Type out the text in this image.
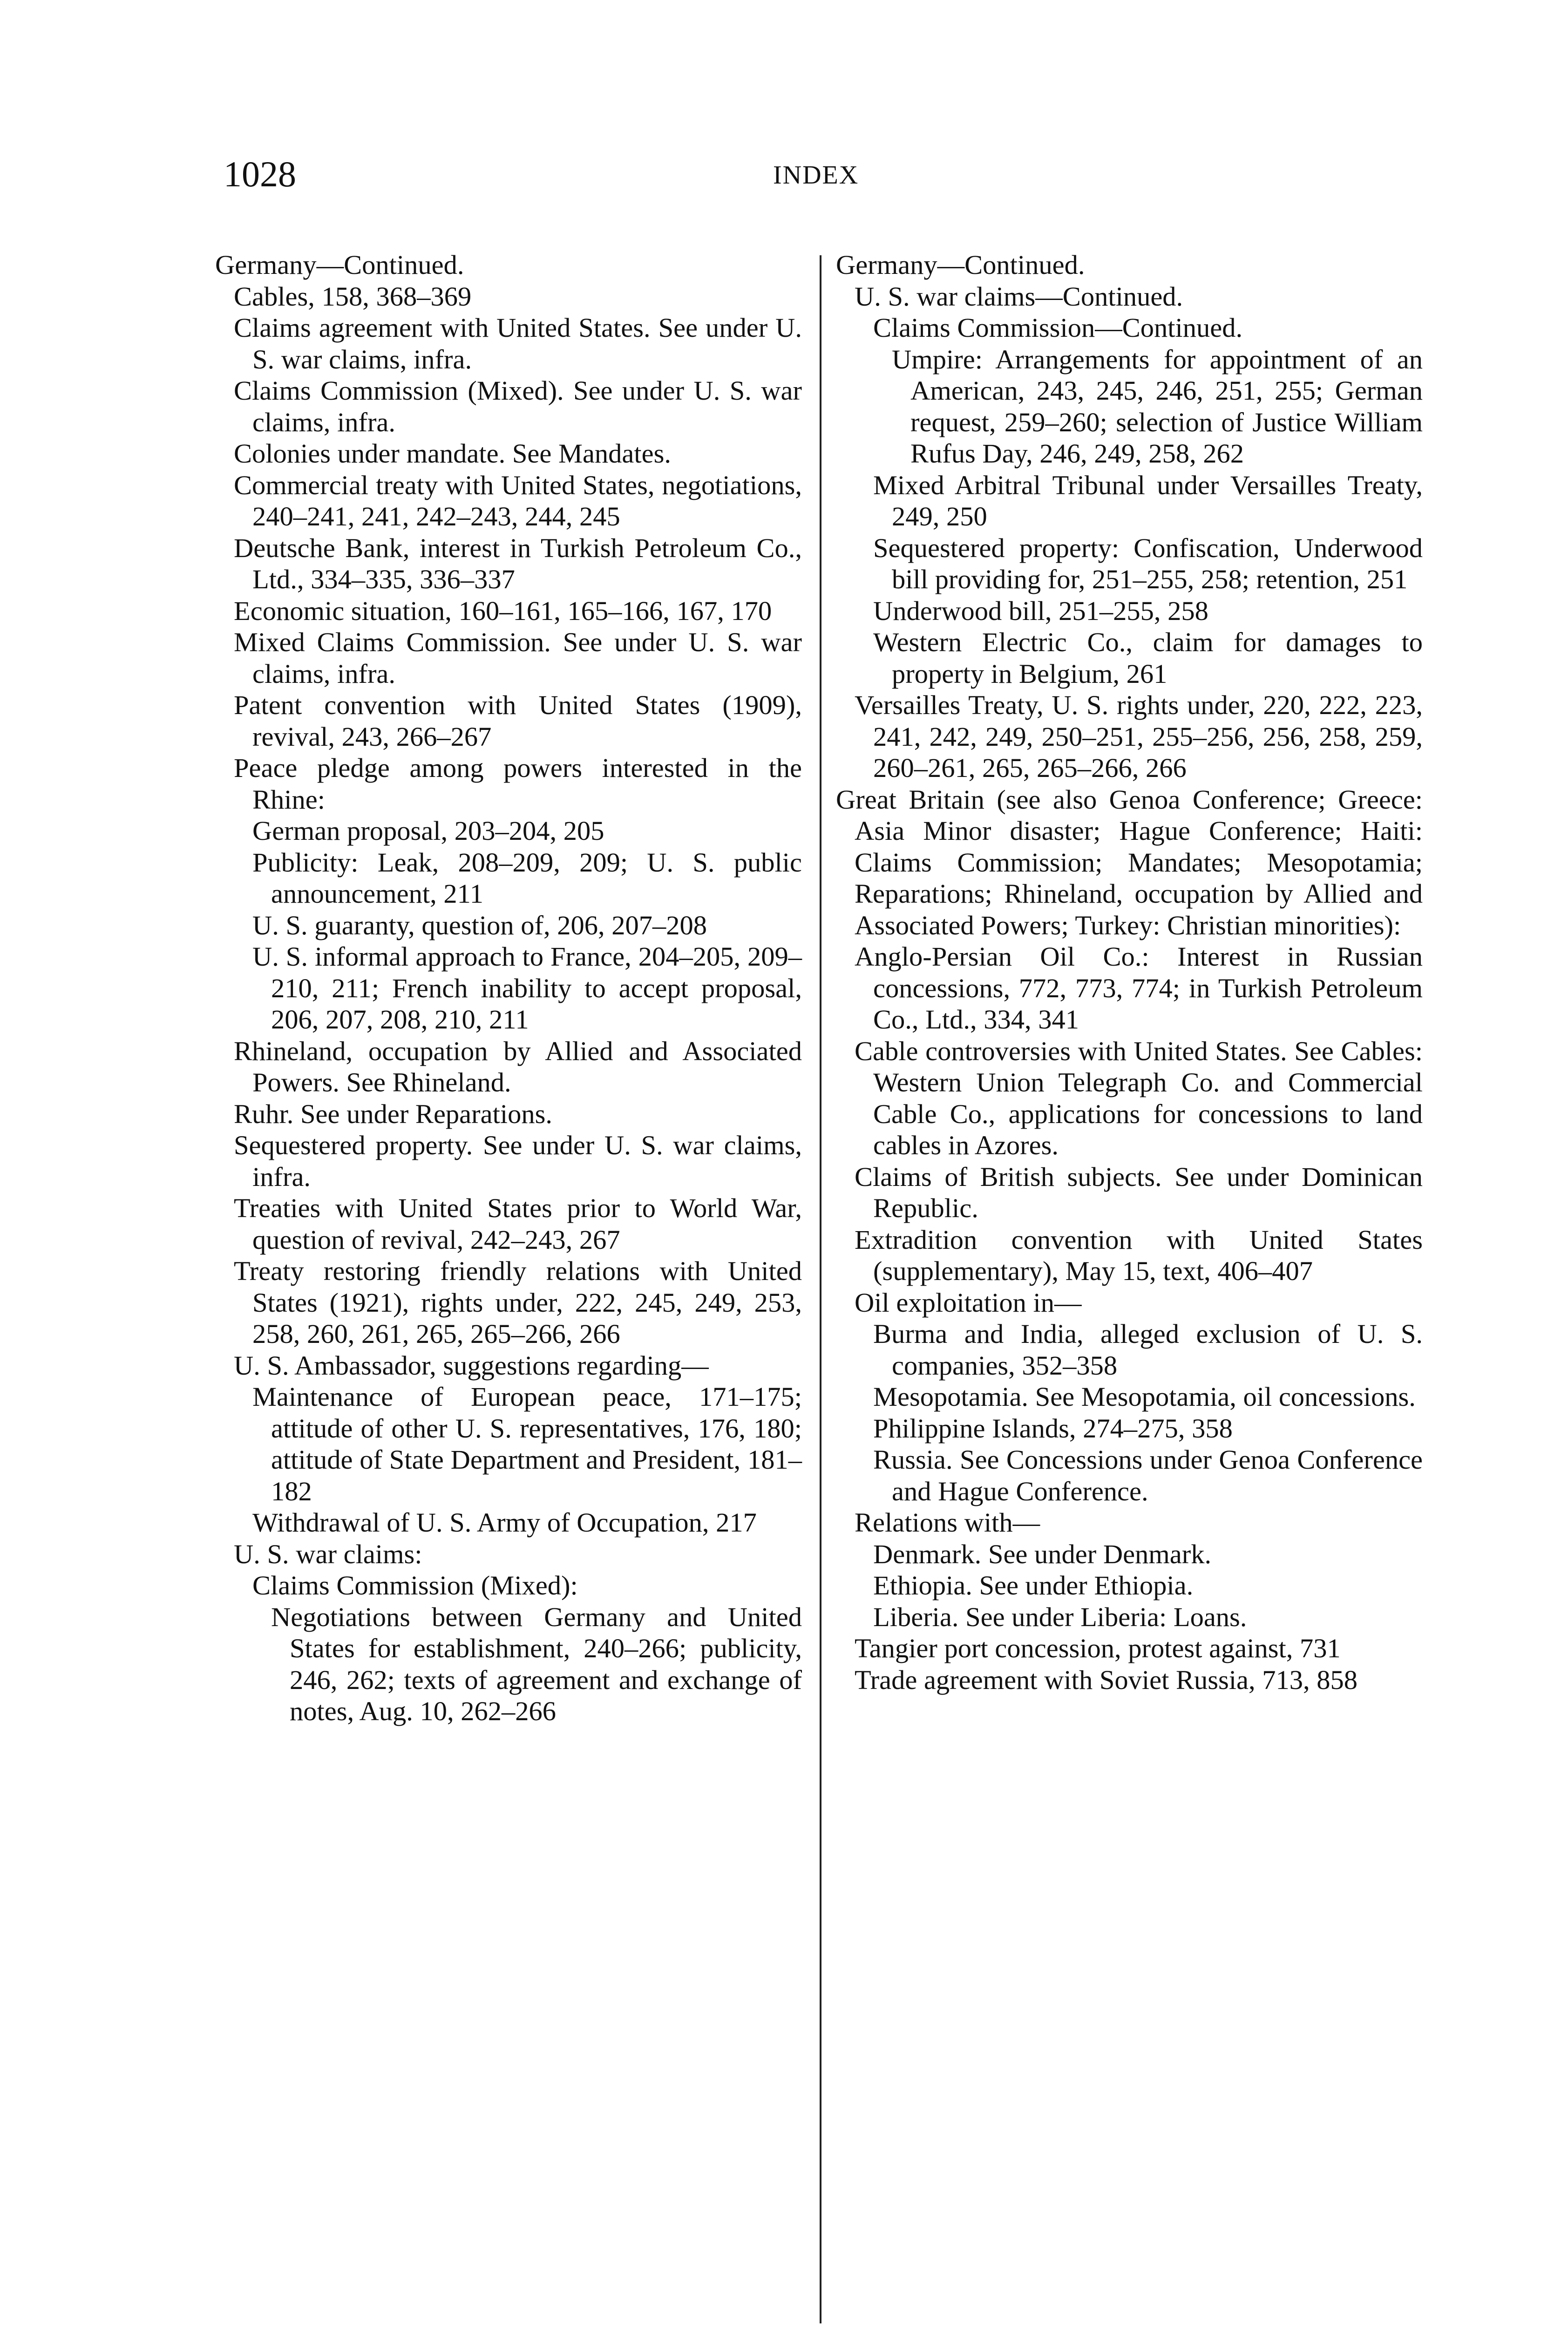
1028	INDEX
Germany—Continued.
Cables, 158, 368–369
Claims agreement with United States. See under U. S. war claims, infra.
Claims Commission (Mixed). See under U. S. war claims, infra.
Colonies under mandate. See Mandates.
Commercial treaty with United States, negotiations, 240–241, 241, 242–243, 244, 245
Deutsche Bank, interest in Turkish Petroleum Co., Ltd., 334–335, 336–337
Economic situation, 160–161, 165–166, 167, 170
Mixed Claims Commission. See under U. S. war claims, infra.
Patent convention with United States (1909), revival, 243, 266–267
Peace pledge among powers interested in the Rhine:
German proposal, 203–204, 205
Publicity: Leak, 208–209, 209; U. S. public announcement, 211
U. S. guaranty, question of, 206, 207–208
U. S. informal approach to France, 204–205, 209–210, 211; French inability to accept proposal, 206, 207, 208, 210, 211
Rhineland, occupation by Allied and Associated Powers. See Rhineland.
Ruhr. See under Reparations.
Sequestered property. See under U. S. war claims, infra.
Treaties with United States prior to World War, question of revival, 242–243, 267
Treaty restoring friendly relations with United States (1921), rights under, 222, 245, 249, 253, 258, 260, 261, 265, 265–266, 266
U. S. Ambassador, suggestions regarding—
Maintenance of European peace, 171–175; attitude of other U. S. representatives, 176, 180; attitude of State Department and President, 181–182
Withdrawal of U. S. Army of Occupation, 217
U. S. war claims:
Claims Commission (Mixed):
Negotiations between Germany and United States for establishment, 240–266; publicity, 246, 262; texts of agreement and exchange of notes, Aug. 10, 262–266
Germany—Continued.
U. S. war claims—Continued.
Claims Commission—Continued.
Umpire: Arrangements for appointment of an American, 243, 245, 246, 251, 255; German request, 259–260; selection of Justice William Rufus Day, 246, 249, 258, 262
Mixed Arbitral Tribunal under Versailles Treaty, 249, 250
Sequestered property: Confiscation, Underwood bill providing for, 251–255, 258; retention, 251
Underwood bill, 251–255, 258
Western Electric Co., claim for damages to property in Belgium, 261
Versailles Treaty, U. S. rights under, 220, 222, 223, 241, 242, 249, 250–251, 255–256, 256, 258, 259, 260–261, 265, 265–266, 266
Great Britain (see also Genoa Conference; Greece: Asia Minor disaster; Hague Conference; Haiti: Claims Commission; Mandates; Mesopotamia; Reparations; Rhineland, occupation by Allied and Associated Powers; Turkey: Christian minorities):
Anglo-Persian Oil Co.: Interest in Russian concessions, 772, 773, 774; in Turkish Petroleum Co., Ltd., 334, 341
Cable controversies with United States. See Cables: Western Union Telegraph Co. and Commercial Cable Co., applications for concessions to land cables in Azores.
Claims of British subjects. See under Dominican Republic.
Extradition convention with United States (supplementary), May 15, text, 406–407
Oil exploitation in—
Burma and India, alleged exclusion of U. S. companies, 352–358
Mesopotamia. See Mesopotamia, oil concessions.
Philippine Islands, 274–275, 358
Russia. See Concessions under Genoa Conference and Hague Conference.
Relations with—
Denmark. See under Denmark.
Ethiopia. See under Ethiopia.
Liberia. See under Liberia: Loans.
Tangier port concession, protest against, 731
Trade agreement with Soviet Russia, 713, 858
